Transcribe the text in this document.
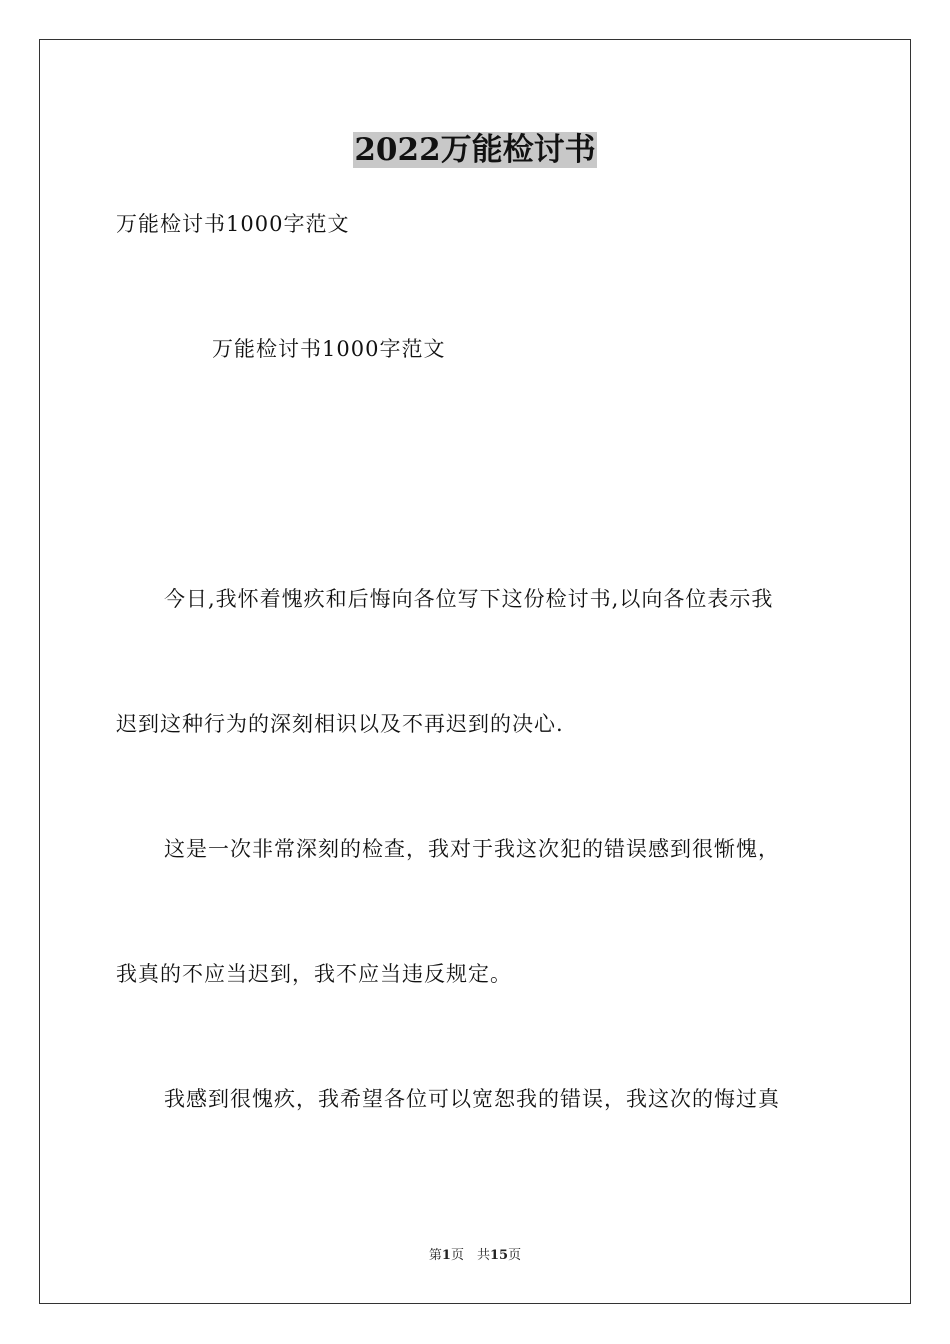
2022万能检讨书
万能检讨书1000字范文
万能检讨书1000字范文
今日,我怀着愧疚和后悔向各位写下这份检讨书,以向各位表示我
迟到这种行为的深刻相识以及不再迟到的决心.
这是一次非常深刻的检查，我对于我这次犯的错误感到很惭愧，
我真的不应当迟到，我不应当违反规定。
我感到很愧疚，我希望各位可以宽恕我的错误，我这次的悔过真
第1页　共15页
